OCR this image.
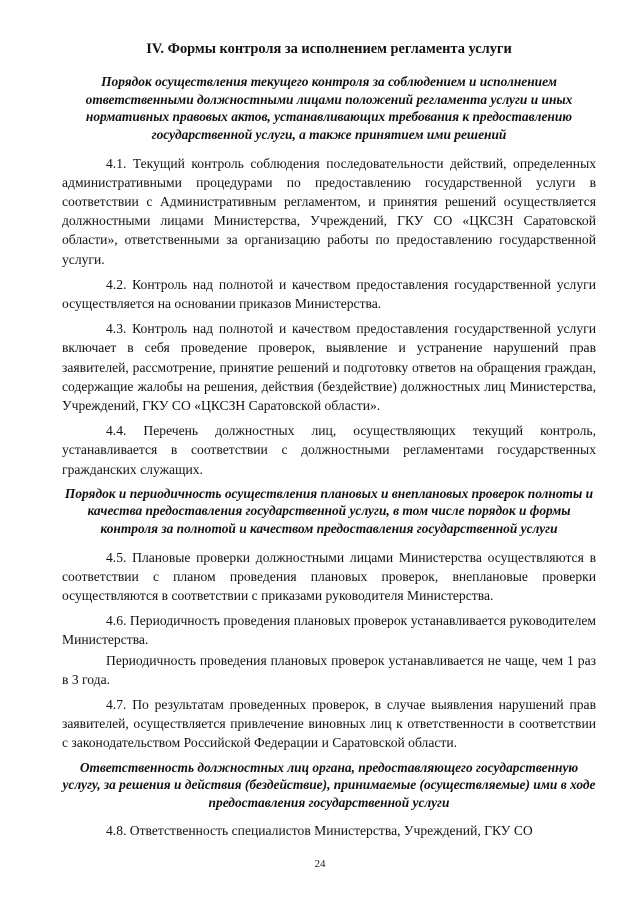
IV. Формы контроля за исполнением регламента услуги
Порядок осуществления текущего контроля за соблюдением и исполнением ответственными должностными лицами положений регламента услуги и иных нормативных правовых актов, устанавливающих требования к предоставлению государственной услуги, а также принятием ими решений

4.1. Текущий контроль соблюдения последовательности действий, определенных административными процедурами по предоставлению государственной услуги в соответствии с Административным регламентом, и принятия решений осуществляется должностными лицами Министерства, Учреждений, ГКУ СО «ЦКСЗН Саратовской области», ответственными за организацию работы по предоставлению государственной услуги.

4.2. Контроль над полнотой и качеством предоставления государственной услуги осуществляется на основании приказов Министерства.

4.3. Контроль над полнотой и качеством предоставления государственной услуги включает в себя проведение проверок, выявление и устранение нарушений прав заявителей, рассмотрение, принятие решений и подготовку ответов на обращения граждан, содержащие жалобы на решения, действия (бездействие) должностных лиц Министерства, Учреждений, ГКУ СО «ЦКСЗН Саратовской области».

4.4. Перечень должностных лиц, осуществляющих текущий контроль, устанавливается в соответствии с должностными регламентами государственных гражданских служащих.

Порядок и периодичность осуществления плановых и внеплановых проверок полноты и качества предоставления государственной услуги, в том числе порядок и формы контроля за полнотой и качеством предоставления государственной услуги

4.5. Плановые проверки должностными лицами Министерства осуществляются в соответствии с планом проведения плановых проверок, внеплановые проверки осуществляются в соответствии с приказами руководителя Министерства.

4.6. Периодичность проведения плановых проверок устанавливается руководителем Министерства.

Периодичность проведения плановых проверок устанавливается не чаще, чем 1 раз в 3 года.

4.7. По результатам проведенных проверок, в случае выявления нарушений прав заявителей, осуществляется привлечение виновных лиц к ответственности в соответствии с законодательством Российской Федерации и Саратовской области.

Ответственность должностных лиц органа, предоставляющего государственную услугу, за решения и действия (бездействие), принимаемые (осуществляемые) ими в ходе предоставления государственной услуги

4.8. Ответственность специалистов Министерства, Учреждений, ГКУ СО

24
